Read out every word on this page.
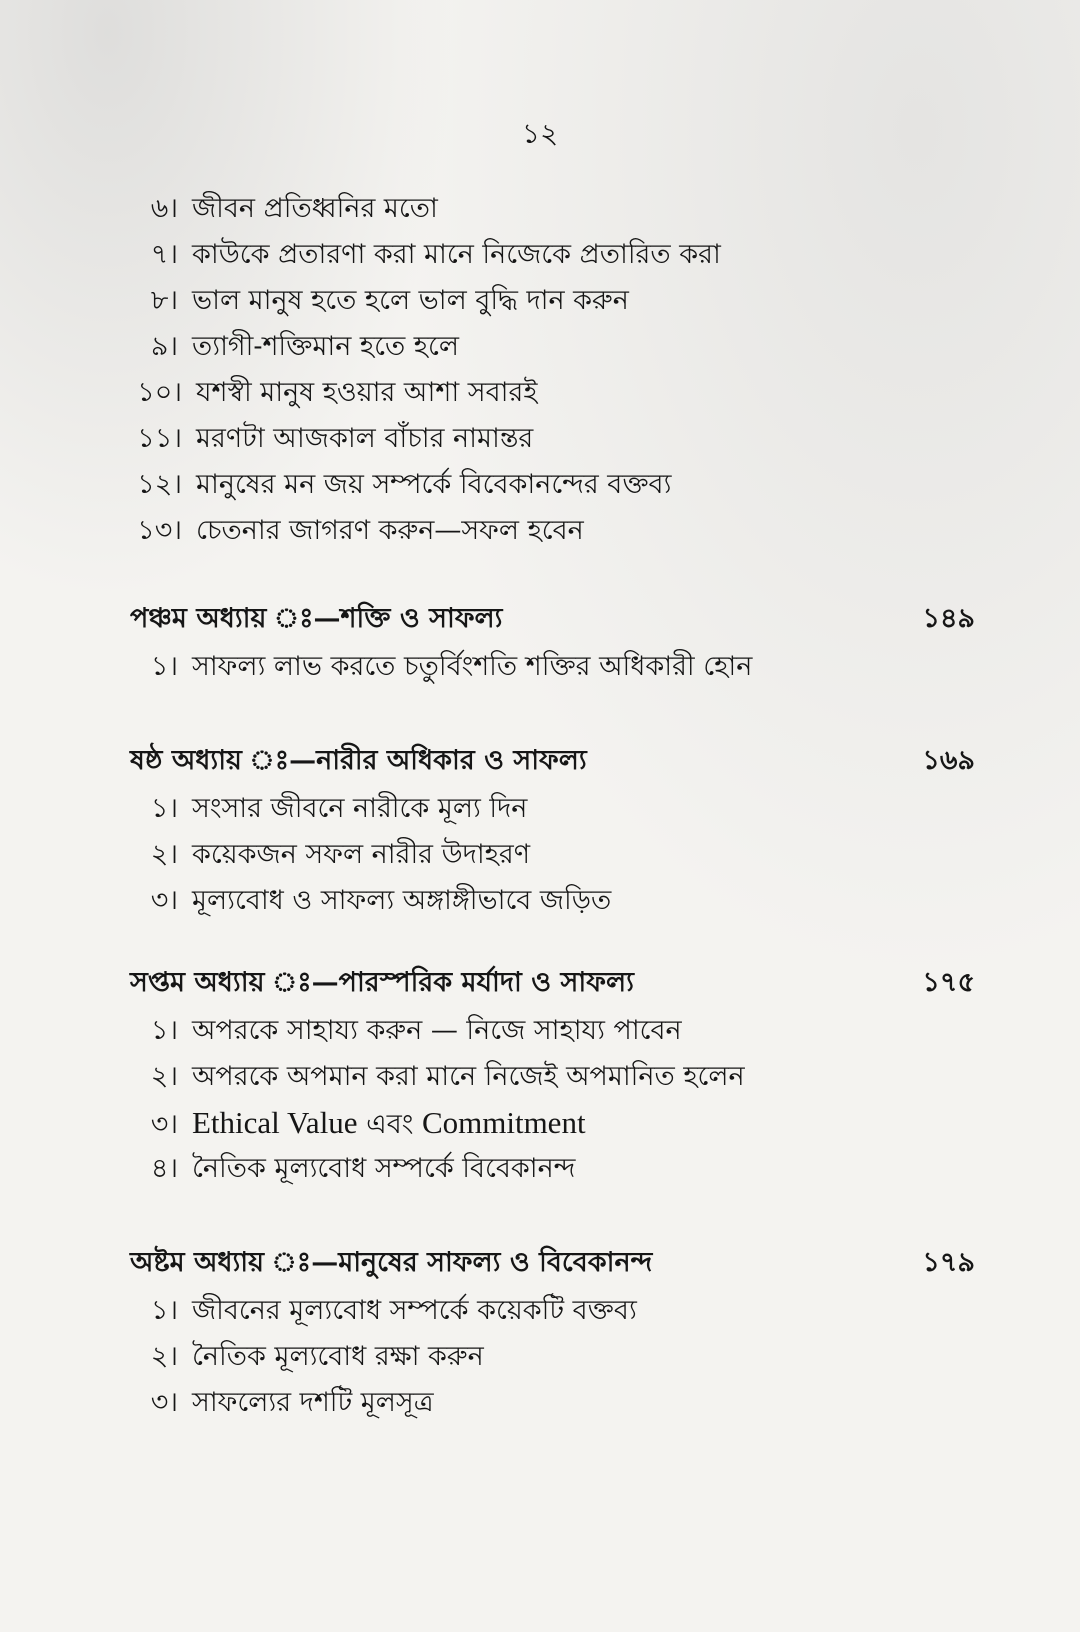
১২
৬। জীবন প্রতিধ্বনির মতো
৭। কাউকে প্রতারণা করা মানে নিজেকে প্রতারিত করা
৮। ভাল মানুষ হতে হলে ভাল বুদ্ধি দান করুন
৯। ত্যাগী-শক্তিমান হতে হলে
১০। যশস্বী মানুষ হওয়ার আশা সবারই
১১। মরণটা আজকাল বাঁচার নামান্তর
১২। মানুষের মন জয় সম্পর্কে বিবেকানন্দের বক্তব্য
১৩। চেতনার জাগরণ করুন—সফল হবেন
পঞ্চম অধ্যায় ঃ—শক্তি ও সাফল্য	১৪৯
১। সাফল্য লাভ করতে চতুর্বিংশতি শক্তির অধিকারী হোন
ষষ্ঠ অধ্যায় ঃ—নারীর অধিকার ও সাফল্য	১৬৯
১। সংসার জীবনে নারীকে মূল্য দিন
২। কয়েকজন সফল নারীর উদাহরণ
৩। মূল্যবোধ ও সাফল্য অঙ্গাঙ্গীভাবে জড়িত
সপ্তম অধ্যায় ঃ—পারস্পরিক মর্যাদা ও সাফল্য	১৭৫
১। অপরকে সাহায্য করুন — নিজে সাহায্য পাবেন
২। অপরকে অপমান করা মানে নিজেই অপমানিত হলেন
৩। Ethical Value এবং Commitment
৪। নৈতিক মূল্যবোধ সম্পর্কে বিবেকানন্দ
অষ্টম অধ্যায় ঃ—মানুষের সাফল্য ও বিবেকানন্দ	১৭৯
১। জীবনের মূল্যবোধ সম্পর্কে কয়েকটি বক্তব্য
২। নৈতিক মূল্যবোধ রক্ষা করুন
৩। সাফল্যের দশটি মূলসূত্র
